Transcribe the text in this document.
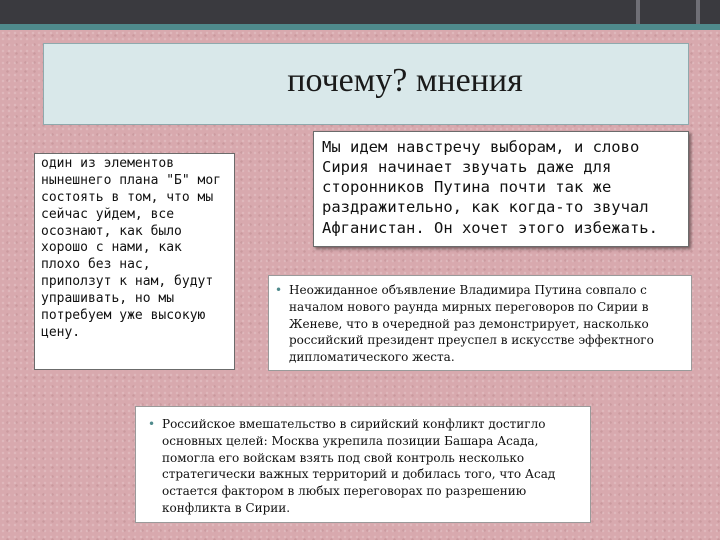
почему? мнения
один из элементов нынешнего плана "Б" мог состоять в том, что мы сейчас уйдем, все осознают, как было хорошо с нами, как плохо без нас, приползут к нам, будут упрашивать, но мы потребуем уже высокую цену.
Мы идем навстречу выборам, и слово Сирия начинает звучать даже для сторонников Путина почти так же раздражительно, как когда-то звучал Афганистан. Он хочет этого избежать.

• Неожиданное объявление Владимира Путина совпало с началом нового раунда мирных переговоров по Сирии в Женеве, что в очередной раз демонстрирует, насколько российский президент преуспел в искусстве эффектного дипломатического жеста.

• Российское вмешательство в сирийский конфликт достигло основных целей: Москва укрепила позиции Башара Асада, помогла его войскам взять под свой контроль несколько стратегически важных территорий и добилась того, что Асад остается фактором в любых переговорах по разрешению конфликта в Сирии.
